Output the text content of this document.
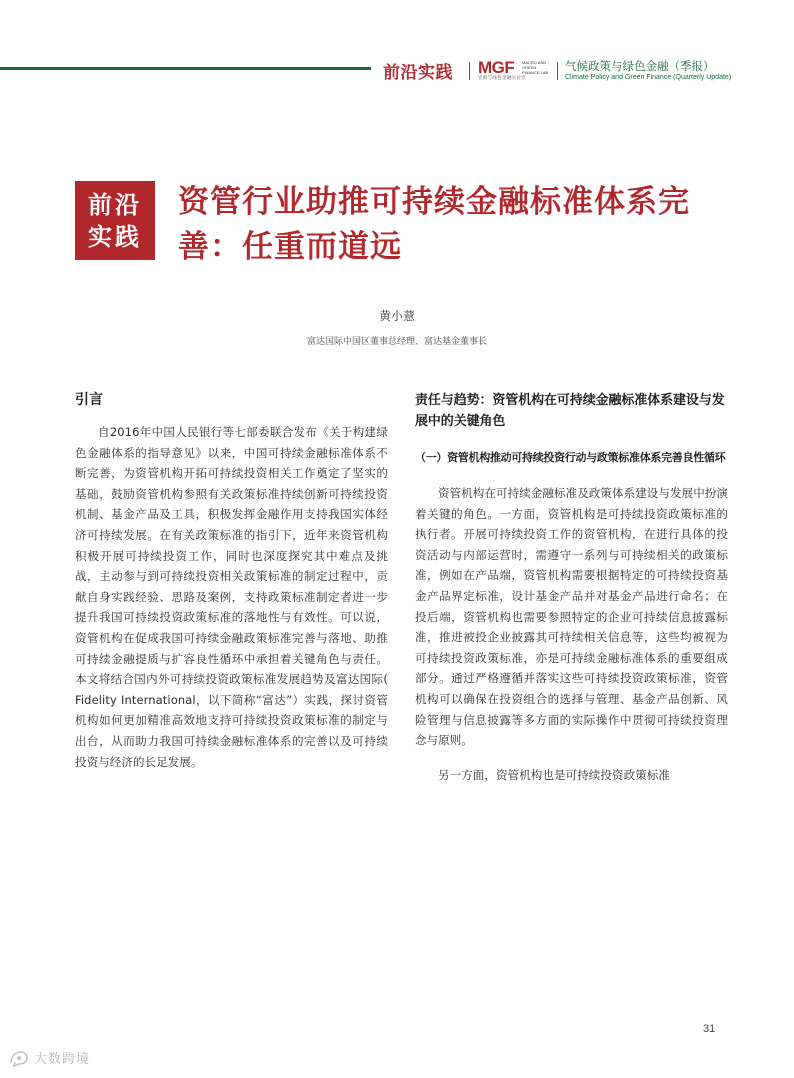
前沿实践 MGF MACRO AND GREEN FINANCE LAB
宏观与绿色金融实验室
气候政策与绿色金融（季报）
Climate Policy and Green Finance (Quarterly Update)
前沿
实践
资管行业助推可持续金融标准体系完善：任重而道远
黄小薏
富达国际中国区董事总经理、富达基金董事长
引言

自2016年中国人民银行等七部委联合发布《关于构建绿色金融体系的指导意见》以来，中国可持续金融标准体系不断完善，为资管机构开拓可持续投资相关工作奠定了坚实的基础，鼓励资管机构参照有关政策标准持续创新可持续投资机制、基金产品及工具，积极发挥金融作用支持我国实体经济可持续发展。在有关政策标准的指引下，近年来资管机构积极开展可持续投资工作，同时也深度探究其中难点及挑战，主动参与到可持续投资相关政策标准的制定过程中，贡献自身实践经验、思路及案例，支持政策标准制定者进一步提升我国可持续投资政策标准的落地性与有效性。可以说，资管机构在促成我国可持续金融政策标准完善与落地、助推可持续金融提质与扩容良性循环中承担着关键角色与责任。本文将结合国内外可持续投资政策标准发展趋势及富达国际( Fidelity International，以下简称“富达”）实践，探讨资管机构如何更加精准高效地支持可持续投资政策标准的制定与出台，从而助力我国可持续金融标准体系的完善以及可持续投资与经济的长足发展。

责任与趋势：资管机构在可持续金融标准体系建设与发展中的关键角色
（一）资管机构推动可持续投资行动与政策标准体系完善良性循环

资管机构在可持续金融标准及政策体系建设与发展中扮演着关键的角色。一方面，资管机构是可持续投资政策标准的执行者。开展可持续投资工作的资管机构，在进行具体的投资活动与内部运营时，需遵守一系列与可持续相关的政策标准，例如在产品端，资管机构需要根据特定的可持续投资基金产品界定标准，设计基金产品并对基金产品进行命名；在投后端，资管机构也需要参照特定的企业可持续信息披露标准，推进被投企业披露其可持续相关信息等，这些均被视为可持续投资政策标准，亦是可持续金融标准体系的重要组成部分。通过严格遵循并落实这些可持续投资政策标准，资管机构可以确保在投资组合的选择与管理、基金产品创新、风险管理与信息披露等多方面的实际操作中贯彻可持续投资理念与原则。

另一方面，资管机构也是可持续投资政策标准

31
大数跨境
